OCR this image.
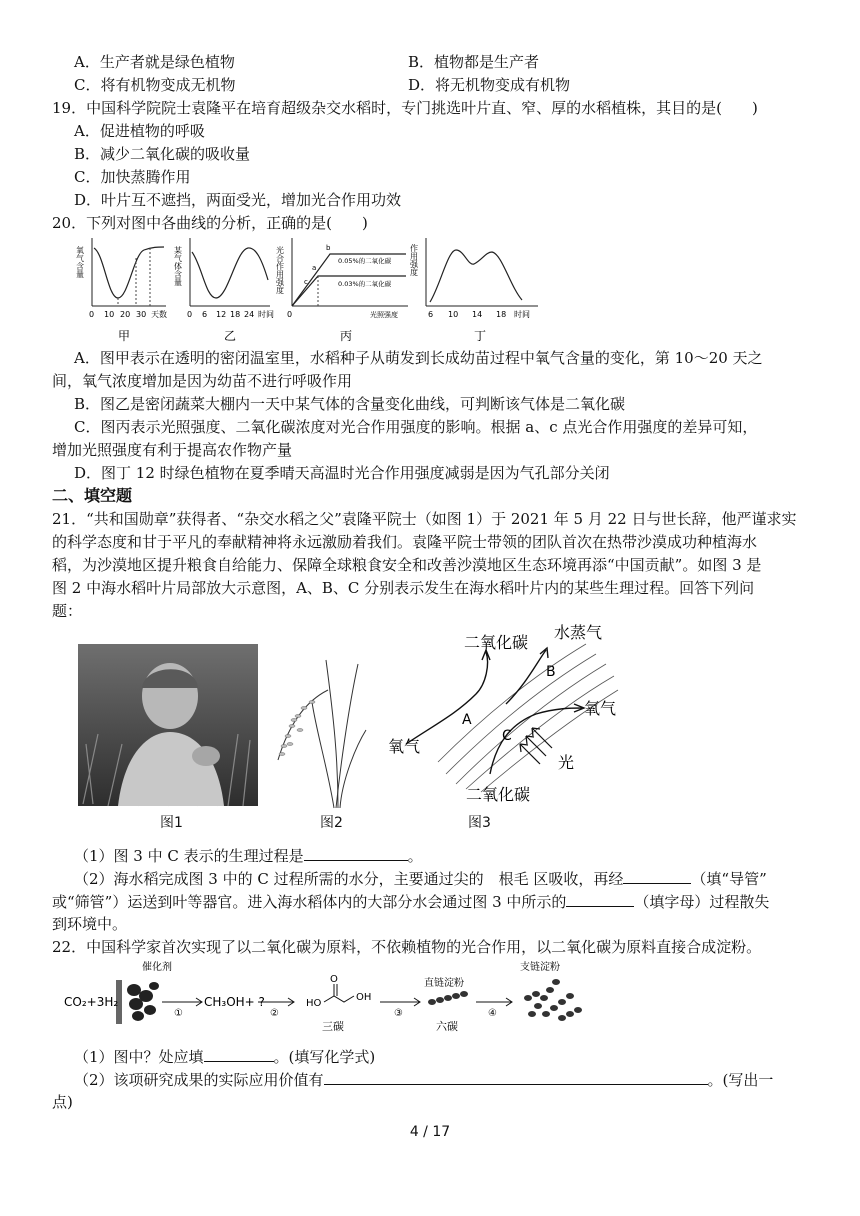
A．生产者就是绿色植物	B．植物都是生产者
C．将有机物变成无机物	D．将无机物变成有机物
19．中国科学院院士袁隆平在培育超级杂交水稻时，专门挑选叶片直、窄、厚的水稻植株，其目的是(　　)
A．促进植物的呼吸
B．减少二氧化碳的吸收量
C．加快蒸腾作用
D．叶片互不遮挡，两面受光，增加光合作用功效
20．下列对图中各曲线的分析，正确的是(　　)
氧气含量
0 10 20 30 天数
甲
某气体含量
0 6 12 18 24 时间
乙
光合作用强度	b
a
c
0.05%的二氧化碳
0.03%的二氧化碳
0	光照强度
丙
作用强度
6 10 14 18 时间
丁
A．图甲表示在透明的密闭温室里，水稻种子从萌发到长成幼苗过程中氧气含量的变化，第 10～20 天之
间，氧气浓度增加是因为幼苗不进行呼吸作用
B．图乙是密闭蔬菜大棚内一天中某气体的含量变化曲线，可判断该气体是二氧化碳
C．图丙表示光照强度、二氧化碳浓度对光合作用强度的影响。根据 a、c 点光合作用强度的差异可知，
增加光照强度有利于提高农作物产量
D．图丁 12 时绿色植物在夏季晴天高温时光合作用强度减弱是因为气孔部分关闭
二、填空题
21．“共和国勋章”获得者、“杂交水稻之父”袁隆平院士（如图 1）于 2021 年 5 月 22 日与世长辞，他严谨求实
的科学态度和甘于平凡的奉献精神将永远激励着我们。袁隆平院士带领的团队首次在热带沙漠成功种植海水
稻，为沙漠地区提升粮食自给能力、保障全球粮食安全和改善沙漠地区生态环境再添“中国贡献”。如图 3 是
图 2 中海水稻叶片局部放大示意图，A、B、C 分别表示发生在海水稻叶片内的某些生理过程。回答下列问
题：
图1	图2
二氧化碳
水蒸气
氧气
氧气
光
二氧化碳
A
B
C
图3
（1）图 3 中 C 表示的生理过程是	。
（2）海水稻完成图 3 中的 C 过程所需的水分，主要通过尖的　根毛 区吸收，再经	（填“导管”
或“筛管”）运送到叶等器官。进入海水稻体内的大部分水会通过图 3 中所示的	（填字母）过程散失
到环境中。
22．中国科学家首次实现了以二氧化碳为原料，不依赖植物的光合作用，以二氧化碳为原料直接合成淀粉。
催化剂
CO₂+3H₂
①
CH₃OH+ ?
②
HO
O
OH
三碳
③
直链淀粉
六碳
④
支链淀粉
（1）图中？处应填	。(填写化学式)
（2）该项研究成果的实际应用价值有	。(写出一
点)
4 / 17
